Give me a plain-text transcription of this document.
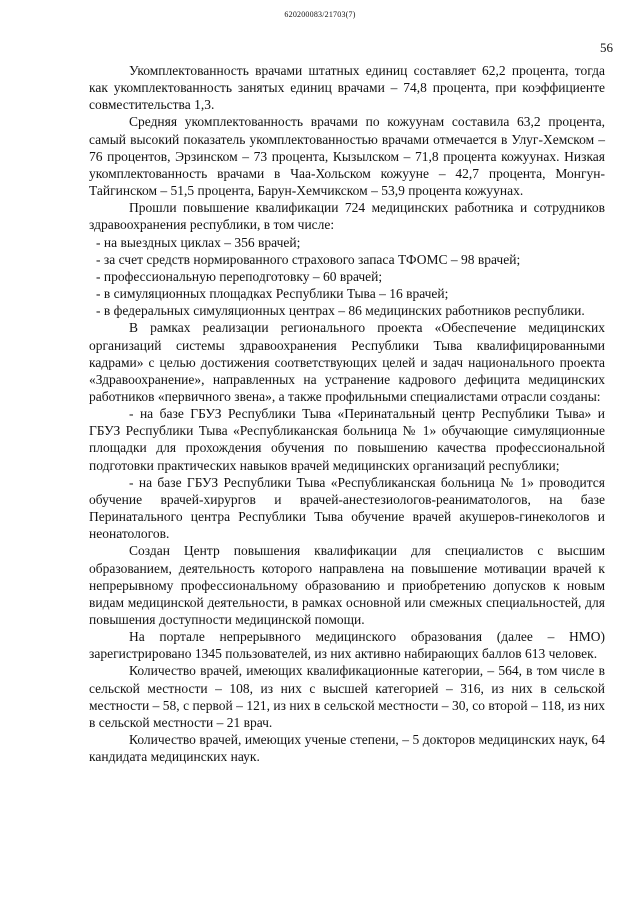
620200083/21703(7)
56

Укомплектованность врачами штатных единиц составляет 62,2 процента, тогда как укомплектованность занятых единиц врачами – 74,8 процента, при коэффициенте совместительства 1,3.

Средняя укомплектованность врачами по кожуунам составила 63,2 процента, самый высокий показатель укомплектованностью врачами отмечается в Улуг-Хемском – 76 процентов, Эрзинском – 73 процента, Кызылском – 71,8 процента кожуунах. Низкая укомплектованность врачами в Чаа-Хольском кожууне – 42,7 процента, Монгун-Тайгинском – 51,5 процента, Барун-Хемчикском – 53,9 процента кожуунах.

Прошли повышение квалификации 724 медицинских работника и сотрудников здравоохранения республики, в том числе:

- на выездных циклах – 356 врачей;

- за счет средств нормированного страхового запаса ТФОМС – 98 врачей;

- профессиональную переподготовку – 60 врачей;

- в симуляционных площадках Республики Тыва – 16 врачей;

- в федеральных симуляционных центрах – 86 медицинских работников республики.

В рамках реализации регионального проекта «Обеспечение медицинских организаций системы здравоохранения Республики Тыва квалифицированными кадрами» с целью достижения соответствующих целей и задач национального проекта «Здравоохранение», направленных на устранение кадрового дефицита медицинских работников «первичного звена», а также профильными специалистами отрасли созданы:

- на базе ГБУЗ Республики Тыва «Перинатальный центр Республики Тыва» и ГБУЗ Республики Тыва «Республиканская больница № 1» обучающие симуляционные площадки для прохождения обучения по повышению качества профессиональной подготовки практических навыков врачей медицинских организаций республики;

- на базе ГБУЗ Республики Тыва «Республиканская больница № 1» проводится обучение врачей-хирургов и врачей-анестезиологов-реаниматологов, на базе Перинатального центра Республики Тыва обучение врачей акушеров-гинекологов и неонатологов.

Создан Центр повышения квалификации для специалистов с высшим образованием, деятельность которого направлена на повышение мотивации врачей к непрерывному профессиональному образованию и приобретению допусков к новым видам медицинской деятельности, в рамках основной или смежных специальностей, для повышения доступности медицинской помощи.

На портале непрерывного медицинского образования (далее – НМО) зарегистрировано 1345 пользователей, из них активно набирающих баллов 613 человек.

Количество врачей, имеющих квалификационные категории, – 564, в том числе в сельской местности – 108, из них с высшей категорией – 316, из них в сельской местности – 58, с первой – 121, из них в сельской местности – 30, со второй – 118, из них в сельской местности – 21 врач.

Количество врачей, имеющих ученые степени, – 5 докторов медицинских наук, 64 кандидата медицинских наук.
